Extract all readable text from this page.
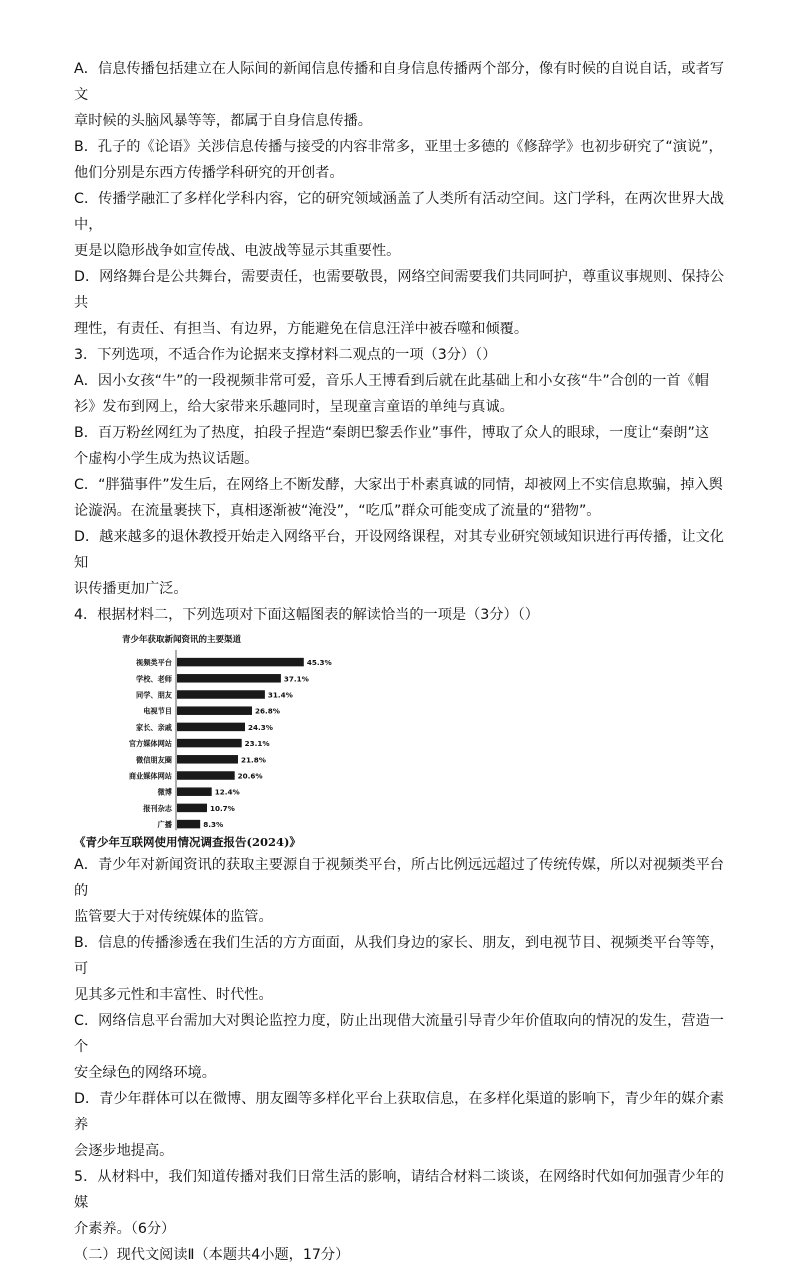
A．信息传播包括建立在人际间的新闻信息传播和自身信息传播两个部分，像有时候的自说自话，或者写文
章时候的头脑风暴等等，都属于自身信息传播。

B．孔子的《论语》关涉信息传播与接受的内容非常多，亚里士多德的《修辞学》也初步研究了“演说”，
他们分别是东西方传播学科研究的开创者。

C．传播学融汇了多样化学科内容，它的研究领域涵盖了人类所有活动空间。这门学科，在两次世界大战中，
更是以隐形战争如宣传战、电波战等显示其重要性。

D．网络舞台是公共舞台，需要责任，也需要敬畏，网络空间需要我们共同呵护，尊重议事规则、保持公共
理性，有责任、有担当、有边界，方能避免在信息汪洋中被吞噬和倾覆。

3．下列选项，不适合作为论据来支撑材料二观点的一项（3分）（）

A．因小女孩“牛”的一段视频非常可爱，音乐人王博看到后就在此基础上和小女孩“牛”合创的一首《帽
衫》发布到网上，给大家带来乐趣同时，呈现童言童语的单纯与真诚。

B．百万粉丝网红为了热度，拍段子捏造“秦朗巴黎丢作业”事件，博取了众人的眼球，一度让“秦朗”这
个虚构小学生成为热议话题。

C．“胖猫事件”发生后，在网络上不断发酵，大家出于朴素真诚的同情，却被网上不实信息欺骗，掉入舆
论漩涡。在流量裹挟下，真相逐渐被“淹没”，“吃瓜”群众可能变成了流量的“猎物”。

D．越来越多的退休教授开始走入网络平台，开设网络课程，对其专业研究领域知识进行再传播，让文化知
识传播更加广泛。

4．根据材料二，下列选项对下面这幅图表的解读恰当的一项是（3分）（）

青少年获取新闻资讯的主要渠道
视频类平台	45.3%
学校、老师	37.1%
同学、朋友	31.4%
电视节目	26.8%
家长、亲戚	24.3%
官方媒体网站	23.1%
微信朋友圈	21.8%
商业媒体网站	20.6%
微博	12.4%
报刊杂志	10.7%
广播	8.3%

《青少年互联网使用情况调查报告(2024)》

A．青少年对新闻资讯的获取主要源自于视频类平台，所占比例远远超过了传统传媒，所以对视频类平台的
监管要大于对传统媒体的监管。

B．信息的传播渗透在我们生活的方方面面，从我们身边的家长、朋友，到电视节目、视频类平台等等，可
见其多元性和丰富性、时代性。

C．网络信息平台需加大对舆论监控力度，防止出现借大流量引导青少年价值取向的情况的发生，营造一个
安全绿色的网络环境。

D．青少年群体可以在微博、朋友圈等多样化平台上获取信息，在多样化渠道的影响下，青少年的媒介素养
会逐步地提高。

5．从材料中，我们知道传播对我们日常生活的影响，请结合材料二谈谈，在网络时代如何加强青少年的媒
介素养。（6分）

（二）现代文阅读Ⅱ（本题共4小题，17分）
